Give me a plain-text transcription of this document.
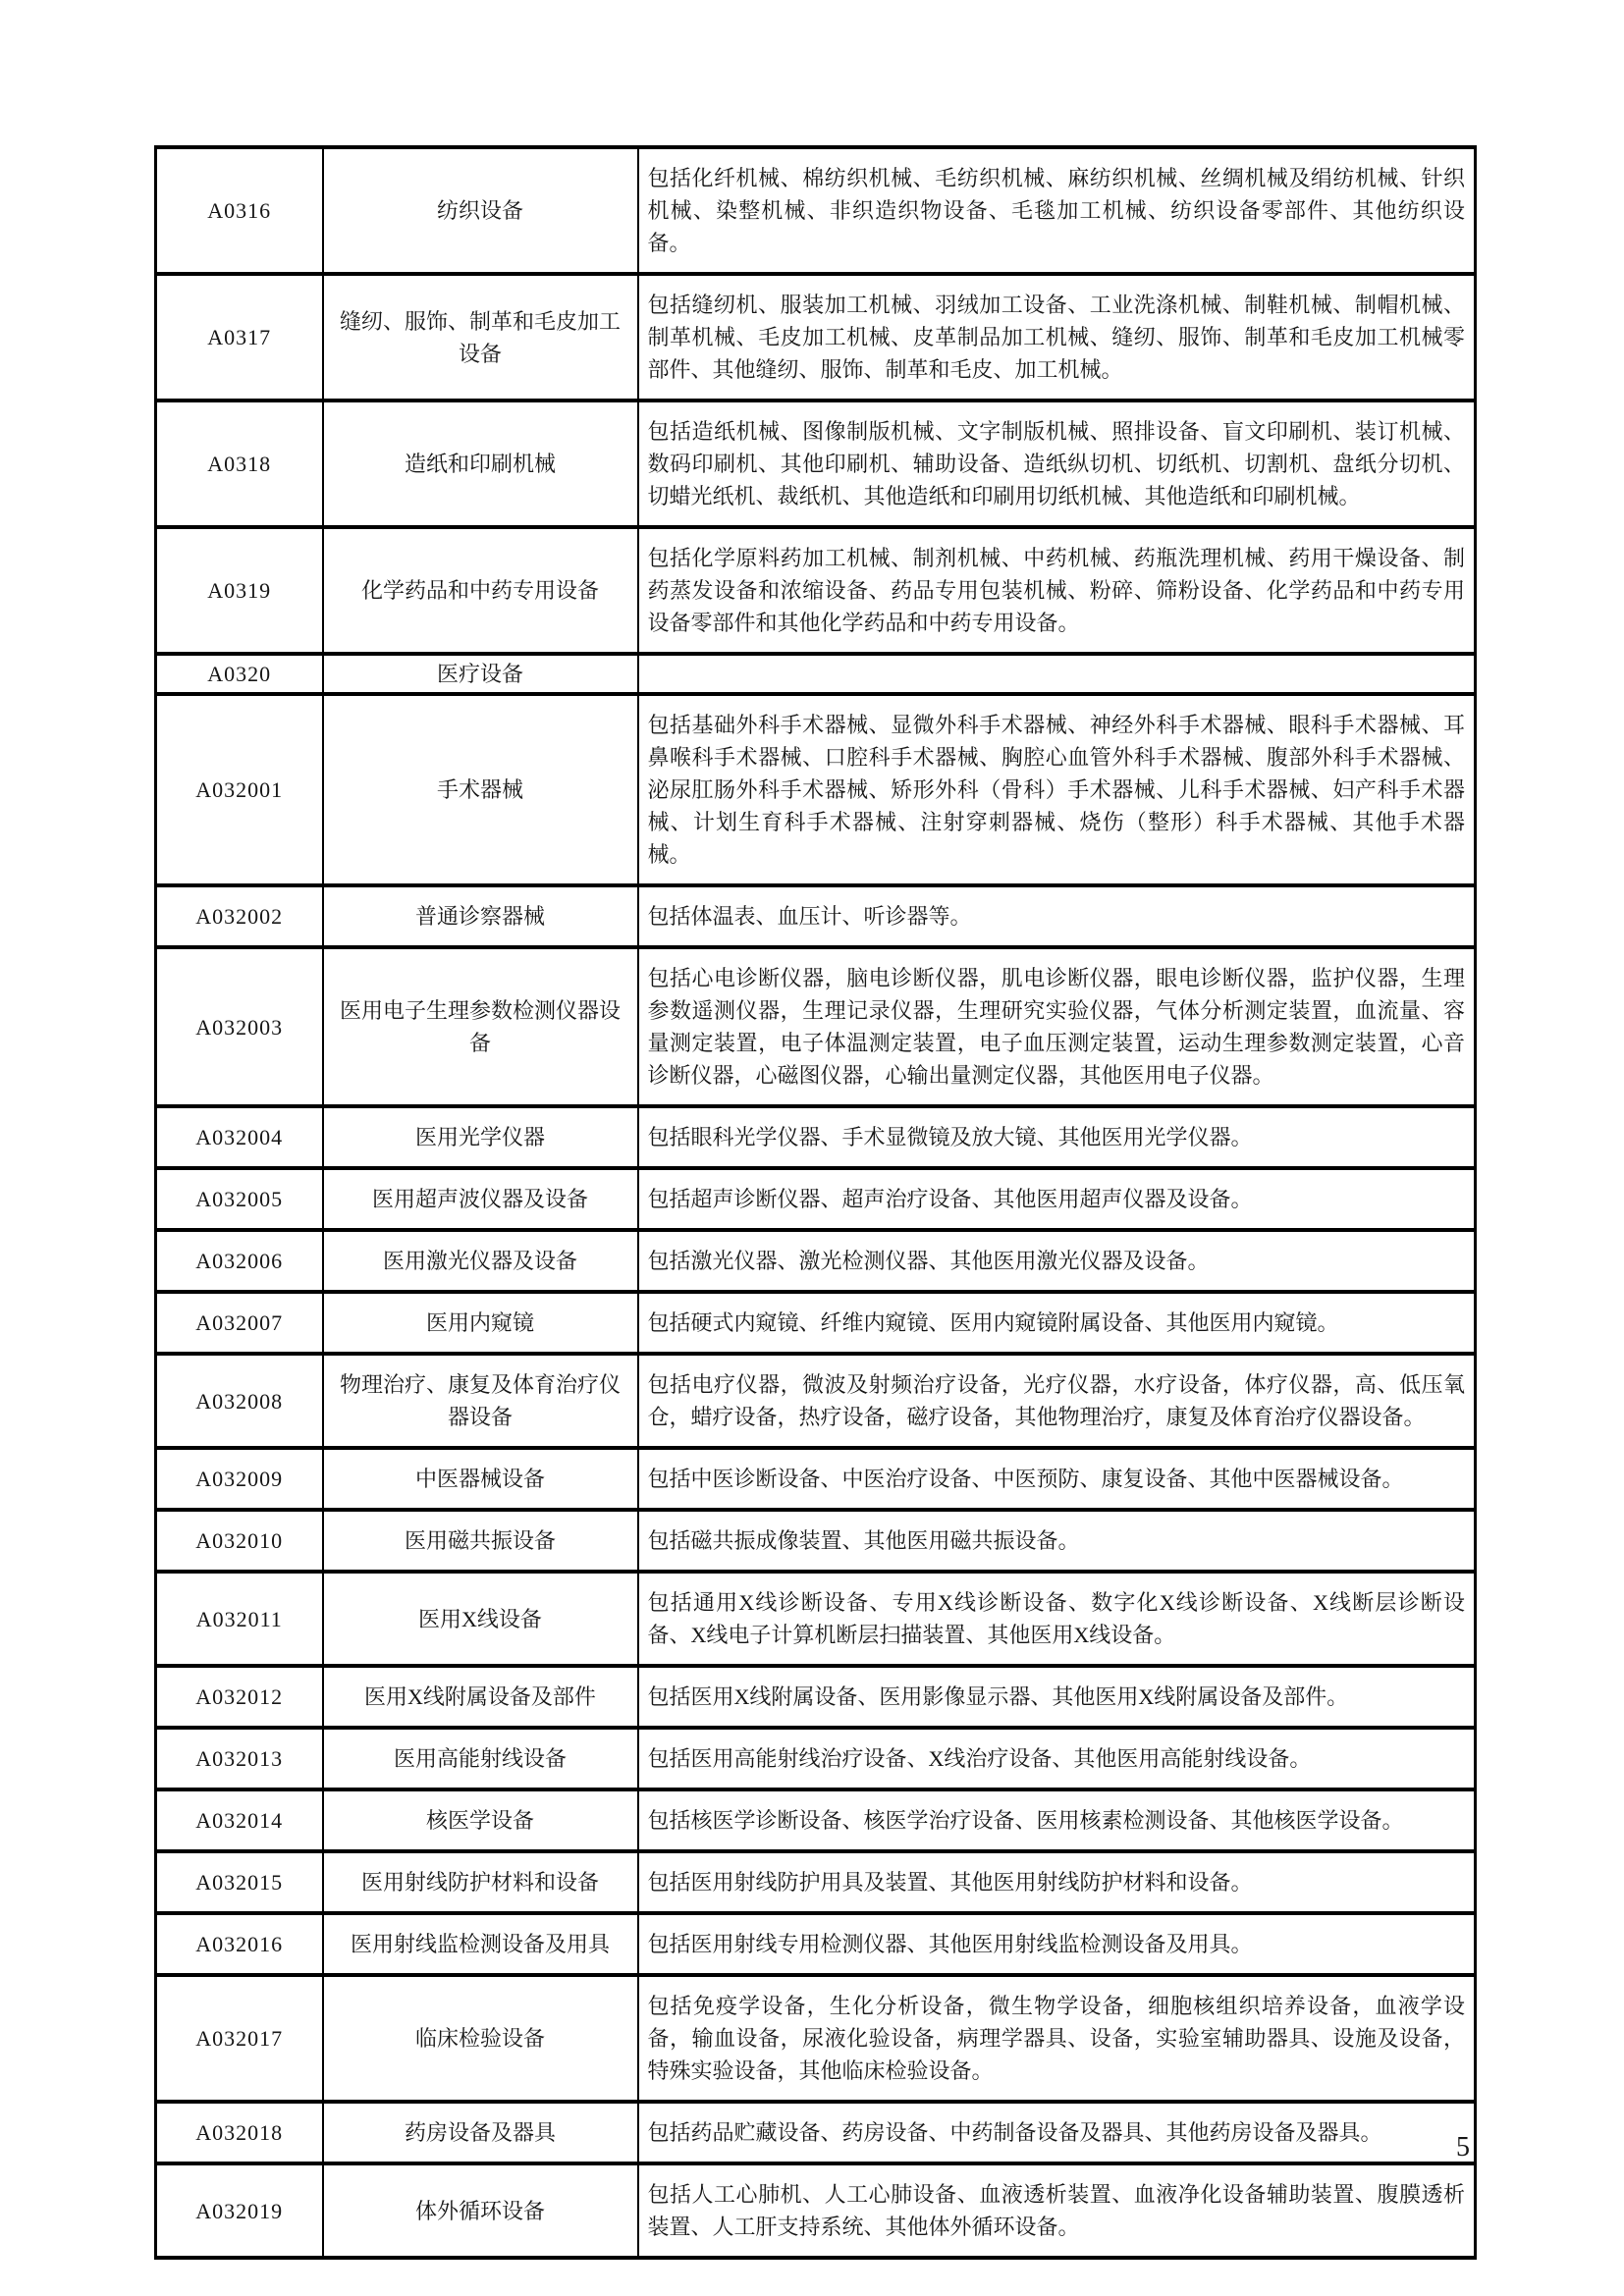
A0316	纺织设备	包括化纤机械、棉纺织机械、毛纺织机械、麻纺织机械、丝绸机械及绢纺机械、针织机械、染整机械、非织造织物设备、毛毯加工机械、纺织设备零部件、其他纺织设备。
A0317	缝纫、服饰、制革和毛皮加工设备	包括缝纫机、服装加工机械、羽绒加工设备、工业洗涤机械、制鞋机械、制帽机械、制革机械、毛皮加工机械、皮革制品加工机械、缝纫、服饰、制革和毛皮加工机械零部件、其他缝纫、服饰、制革和毛皮、加工机械。
A0318	造纸和印刷机械	包括造纸机械、图像制版机械、文字制版机械、照排设备、盲文印刷机、装订机械、数码印刷机、其他印刷机、辅助设备、造纸纵切机、切纸机、切割机、盘纸分切机、切蜡光纸机、裁纸机、其他造纸和印刷用切纸机械、其他造纸和印刷机械。
A0319	化学药品和中药专用设备	包括化学原料药加工机械、制剂机械、中药机械、药瓶洗理机械、药用干燥设备、制药蒸发设备和浓缩设备、药品专用包装机械、粉碎、筛粉设备、化学药品和中药专用设备零部件和其他化学药品和中药专用设备。
A0320	医疗设备	
A032001	手术器械	包括基础外科手术器械、显微外科手术器械、神经外科手术器械、眼科手术器械、耳鼻喉科手术器械、口腔科手术器械、胸腔心血管外科手术器械、腹部外科手术器械、泌尿肛肠外科手术器械、矫形外科（骨科）手术器械、儿科手术器械、妇产科手术器械、计划生育科手术器械、注射穿刺器械、烧伤（整形）科手术器械、其他手术器械。
A032002	普通诊察器械	包括体温表、血压计、听诊器等。
A032003	医用电子生理参数检测仪器设备	包括心电诊断仪器，脑电诊断仪器，肌电诊断仪器，眼电诊断仪器，监护仪器，生理参数遥测仪器，生理记录仪器，生理研究实验仪器，气体分析测定装置，血流量、容量测定装置，电子体温测定装置，电子血压测定装置，运动生理参数测定装置，心音诊断仪器，心磁图仪器，心输出量测定仪器，其他医用电子仪器。
A032004	医用光学仪器	包括眼科光学仪器、手术显微镜及放大镜、其他医用光学仪器。
A032005	医用超声波仪器及设备	包括超声诊断仪器、超声治疗设备、其他医用超声仪器及设备。
A032006	医用激光仪器及设备	包括激光仪器、激光检测仪器、其他医用激光仪器及设备。
A032007	医用内窥镜	包括硬式内窥镜、纤维内窥镜、医用内窥镜附属设备、其他医用内窥镜。
A032008	物理治疗、康复及体育治疗仪器设备	包括电疗仪器，微波及射频治疗设备，光疗仪器，水疗设备，体疗仪器，高、低压氧仓，蜡疗设备，热疗设备，磁疗设备，其他物理治疗，康复及体育治疗仪器设备。
A032009	中医器械设备	包括中医诊断设备、中医治疗设备、中医预防、康复设备、其他中医器械设备。
A032010	医用磁共振设备	包括磁共振成像装置、其他医用磁共振设备。
A032011	医用X线设备	包括通用X线诊断设备、专用X线诊断设备、数字化X线诊断设备、X线断层诊断设备、X线电子计算机断层扫描装置、其他医用X线设备。
A032012	医用X线附属设备及部件	包括医用X线附属设备、医用影像显示器、其他医用X线附属设备及部件。
A032013	医用高能射线设备	包括医用高能射线治疗设备、X线治疗设备、其他医用高能射线设备。
A032014	核医学设备	包括核医学诊断设备、核医学治疗设备、医用核素检测设备、其他核医学设备。
A032015	医用射线防护材料和设备	包括医用射线防护用具及装置、其他医用射线防护材料和设备。
A032016	医用射线监检测设备及用具	包括医用射线专用检测仪器、其他医用射线监检测设备及用具。
A032017	临床检验设备	包括免疫学设备，生化分析设备，微生物学设备，细胞核组织培养设备，血液学设备，输血设备，尿液化验设备，病理学器具、设备，实验室辅助器具、设施及设备，特殊实验设备，其他临床检验设备。
A032018	药房设备及器具	包括药品贮藏设备、药房设备、中药制备设备及器具、其他药房设备及器具。
A032019	体外循环设备	包括人工心肺机、人工心肺设备、血液透析装置、血液净化设备辅助装置、腹膜透析装置、人工肝支持系统、其他体外循环设备。
5
